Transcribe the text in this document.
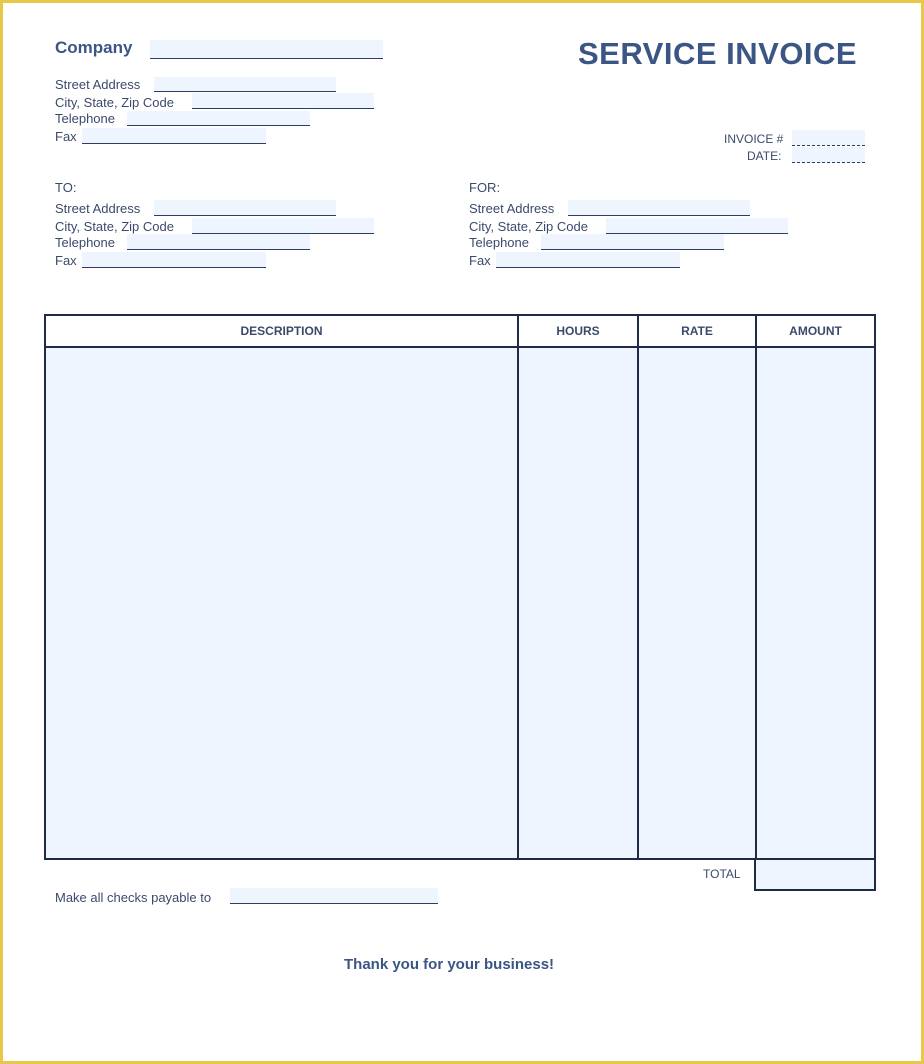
Company	SERVICE INVOICE
Street Address
City, State, Zip Code
Telephone
Fax	INVOICE #
DATE:
TO:
Street Address
City, State, Zip Code
Telephone
Fax
FOR:
Street Address
City, State, Zip Code
Telephone
Fax
DESCRIPTION	HOURS	RATE	AMOUNT
TOTAL
Make all checks payable to
Thank you for your business!
